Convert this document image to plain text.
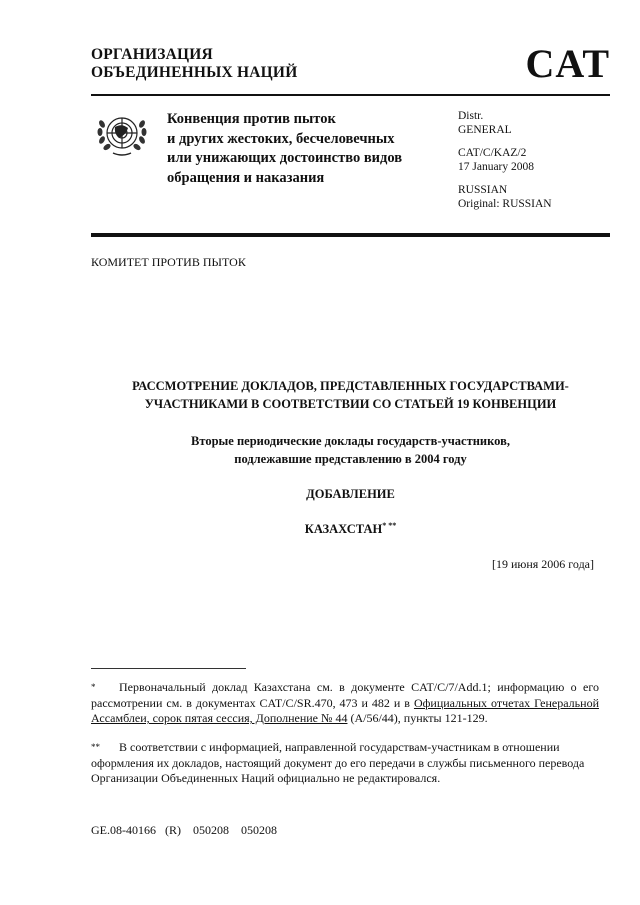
ОРГАНИЗАЦИЯ
ОБЪЕДИНЕННЫХ НАЦИЙ	CAT
Конвенция против пыток
и других жестоких, бесчеловечных
или унижающих достоинство видов
обращения и наказания
Distr.
GENERAL
CAT/C/KAZ/2
17 January 2008
RUSSIAN
Original: RUSSIAN
КОМИТЕТ ПРОТИВ ПЫТОК
РАССМОТРЕНИЕ ДОКЛАДОВ, ПРЕДСТАВЛЕННЫХ ГОСУДАРСТВАМИ-
УЧАСТНИКАМИ В СООТВЕТСТВИИ СО СТАТЬЕЙ 19 КОНВЕНЦИИ
Вторые периодические доклады государств-участников,
подлежавшие представлению в 2004 году
ДОБАВЛЕНИЕ
КАЗАХСТАН* **
[19 июня 2006 года]
* Первоначальный доклад Казахстана см. в документе CAT/C/7/Add.1; информацию о его рассмотрении см. в документах CAT/C/SR.470, 473 и 482 и в Официальных отчетах Генеральной Ассамблеи, сорок пятая сессия, Дополнение № 44 (A/56/44), пункты 121-129.
** В соответствии с информацией, направленной государствам-участникам в отношении оформления их докладов, настоящий документ до его передачи в службы письменного перевода Организации Объединенных Наций официально не редактировался.
GE.08-40166   (R)    050208    050208
